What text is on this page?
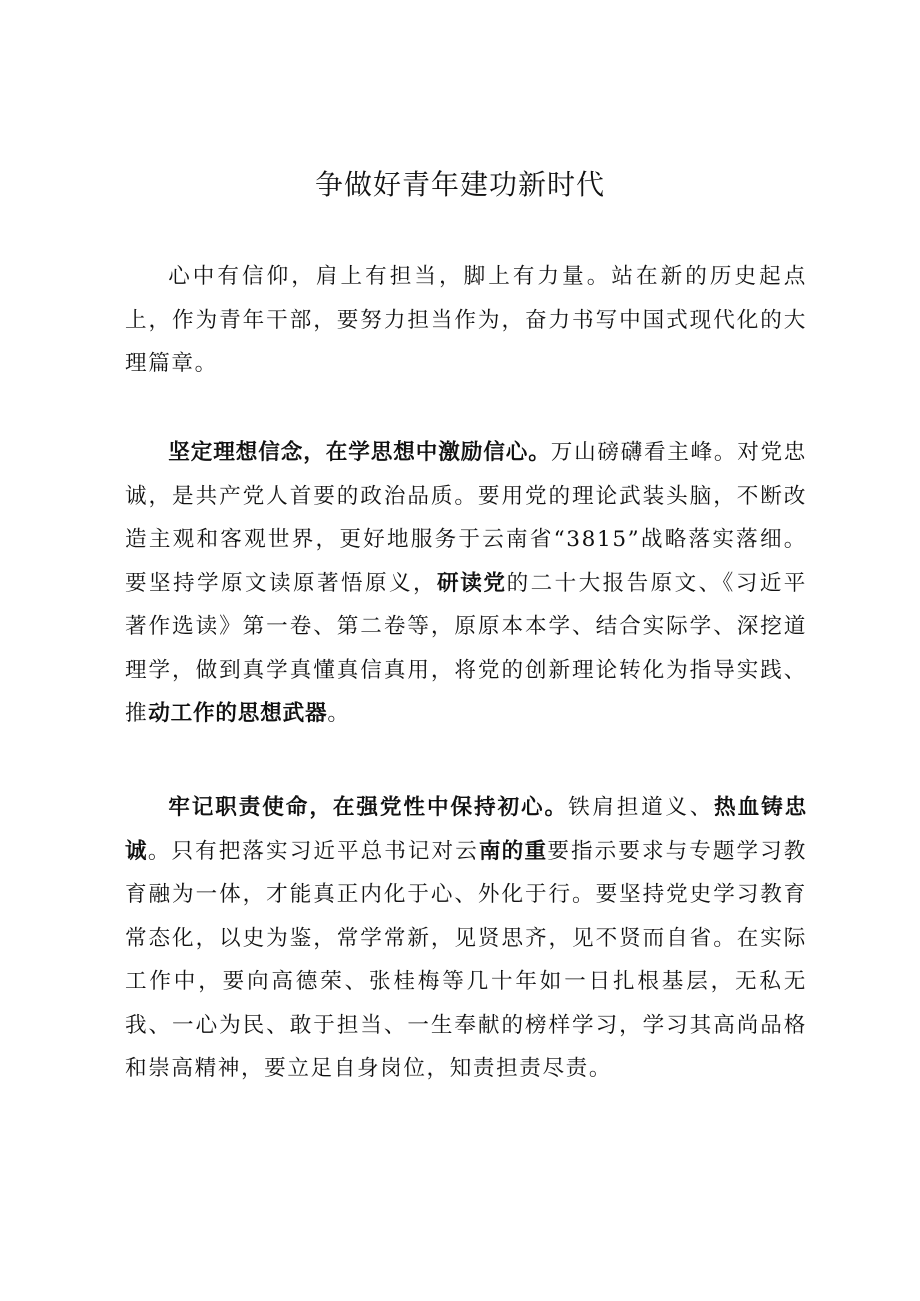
争做好青年建功新时代

心中有信仰，肩上有担当，脚上有力量。站在新的历史起点上，作为青年干部，要努力担当作为，奋力书写中国式现代化的大理篇章。

坚定理想信念，在学思想中激励信心。万山磅礴看主峰。对党忠诚，是共产党人首要的政治品质。要用党的理论武装头脑，不断改造主观和客观世界，更好地服务于云南省“3815”战略落实落细。要坚持学原文读原著悟原义，研读党的二十大报告原文、《习近平著作选读》第一卷、第二卷等，原原本本学、结合实际学、深挖道理学，做到真学真懂真信真用，将党的创新理论转化为指导实践、推动工作的思想武器。

牢记职责使命，在强党性中保持初心。铁肩担道义、热血铸忠诚。只有把落实习近平总书记对云南的重要指示要求与专题学习教育融为一体，才能真正内化于心、外化于行。要坚持党史学习教育常态化，以史为鉴，常学常新，见贤思齐，见不贤而自省。在实际工作中，要向高德荣、张桂梅等几十年如一日扎根基层，无私无我、一心为民、敢于担当、一生奉献的榜样学习，学习其高尚品格和崇高精神，要立足自身岗位，知责担责尽责。
